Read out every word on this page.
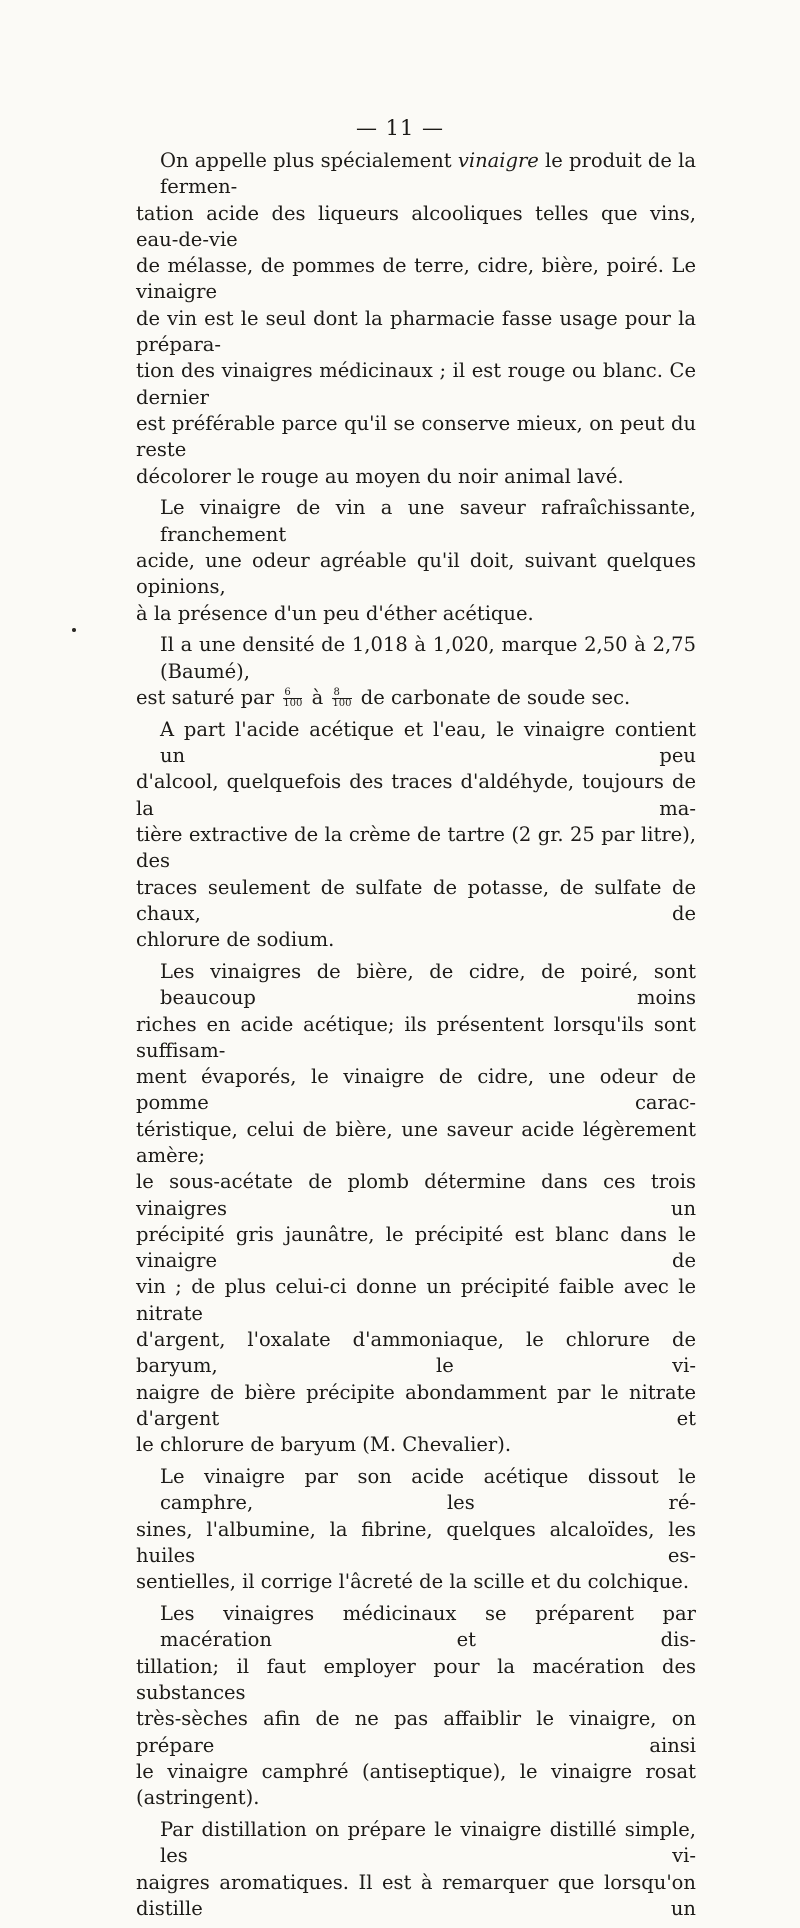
— 11 —

On appelle plus spécialement vinaigre le produit de la fermen-
tation acide des liqueurs alcooliques telles que vins, eau-de-vie
de mélasse, de pommes de terre, cidre, bière, poiré. Le vinaigre
de vin est le seul dont la pharmacie fasse usage pour la prépara-
tion des vinaigres médicinaux ; il est rouge ou blanc. Ce dernier
est préférable parce qu'il se conserve mieux, on peut du reste
décolorer le rouge au moyen du noir animal lavé.

Le vinaigre de vin a une saveur rafraîchissante, franchement
acide, une odeur agréable qu'il doit, suivant quelques opinions,
à la présence d'un peu d'éther acétique.

Il a une densité de 1,018 à 1,020, marque 2,50 à 2,75 (Baumé),
est saturé par $\frac{6}{100}$ à $\frac{8}{100}$ de carbonate de soude sec.

A part l'acide acétique et l'eau, le vinaigre contient un peu
d'alcool, quelquefois des traces d'aldéhyde, toujours de la ma-
tière extractive de la crème de tartre (2 gr. 25 par litre), des
traces seulement de sulfate de potasse, de sulfate de chaux, de
chlorure de sodium.

Les vinaigres de bière, de cidre, de poiré, sont beaucoup moins
riches en acide acétique; ils présentent lorsqu'ils sont suffisam-
ment évaporés, le vinaigre de cidre, une odeur de pomme carac-
téristique, celui de bière, une saveur acide légèrement amère;
le sous-acétate de plomb détermine dans ces trois vinaigres un
précipité gris jaunâtre, le précipité est blanc dans le vinaigre de
vin ; de plus celui-ci donne un précipité faible avec le nitrate
d'argent, l'oxalate d'ammoniaque, le chlorure de baryum, le vi-
naigre de bière précipite abondamment par le nitrate d'argent et
le chlorure de baryum (M. Chevalier).

Le vinaigre par son acide acétique dissout le camphre, les ré-
sines, l'albumine, la fibrine, quelques alcaloïdes, les huiles es-
sentielles, il corrige l'âcreté de la scille et du colchique.

Les vinaigres médicinaux se préparent par macération et dis-
tillation; il faut employer pour la macération des substances
très-sèches afin de ne pas affaiblir le vinaigre, on prépare ainsi
le vinaigre camphré (antiseptique), le vinaigre rosat (astringent).

Par distillation on prépare le vinaigre distillé simple, les vi-
naigres aromatiques. Il est à remarquer que lorsqu'on distille un
